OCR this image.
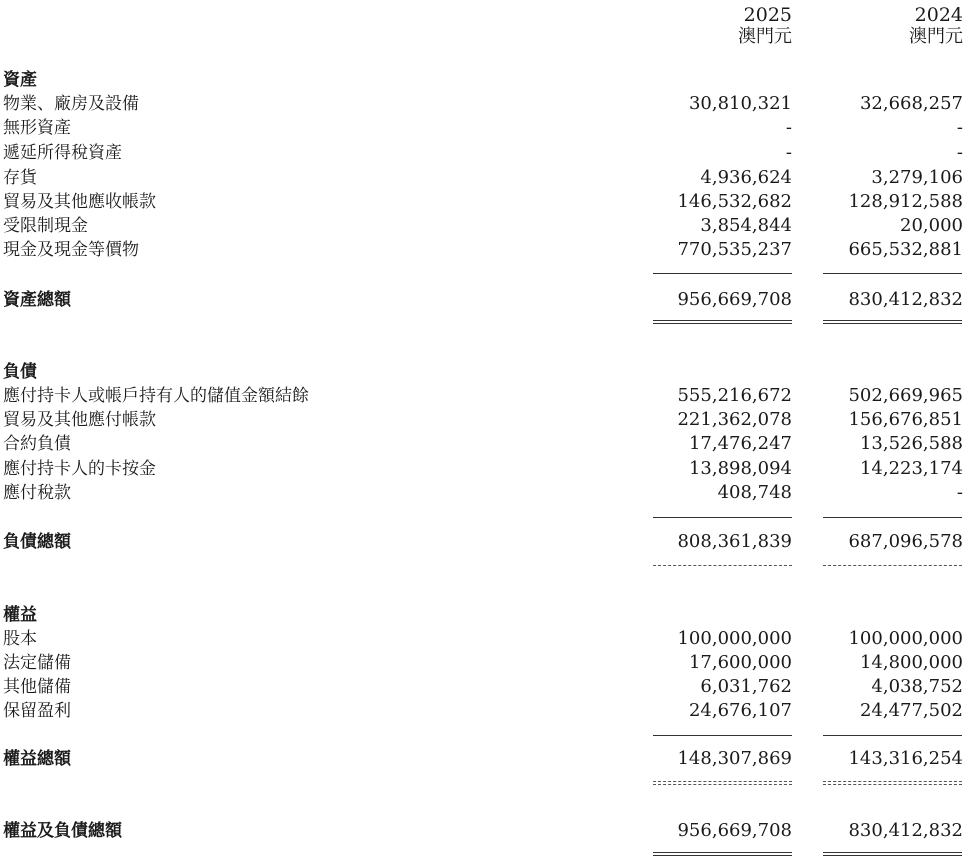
2025
澳門元
2024
澳門元
資產
物業、廠房及設備	30,810,321	32,668,257
無形資產	-	-
遞延所得稅資產	-	-
存貨	4,936,624	3,279,106
貿易及其他應收帳款	146,532,682	128,912,588
受限制現金	3,854,844	20,000
現金及現金等價物	770,535,237	665,532,881
資產總額	956,669,708	830,412,832
負債
應付持卡人或帳戶持有人的儲值金額結餘	555,216,672	502,669,965
貿易及其他應付帳款	221,362,078	156,676,851
合約負債	17,476,247	13,526,588
應付持卡人的卡按金	13,898,094	14,223,174
應付稅款	408,748	-
負債總額	808,361,839	687,096,578
權益
股本	100,000,000	100,000,000
法定儲備	17,600,000	14,800,000
其他儲備	6,031,762	4,038,752
保留盈利	24,676,107	24,477,502
權益總額	148,307,869	143,316,254
權益及負債總額	956,669,708	830,412,832
